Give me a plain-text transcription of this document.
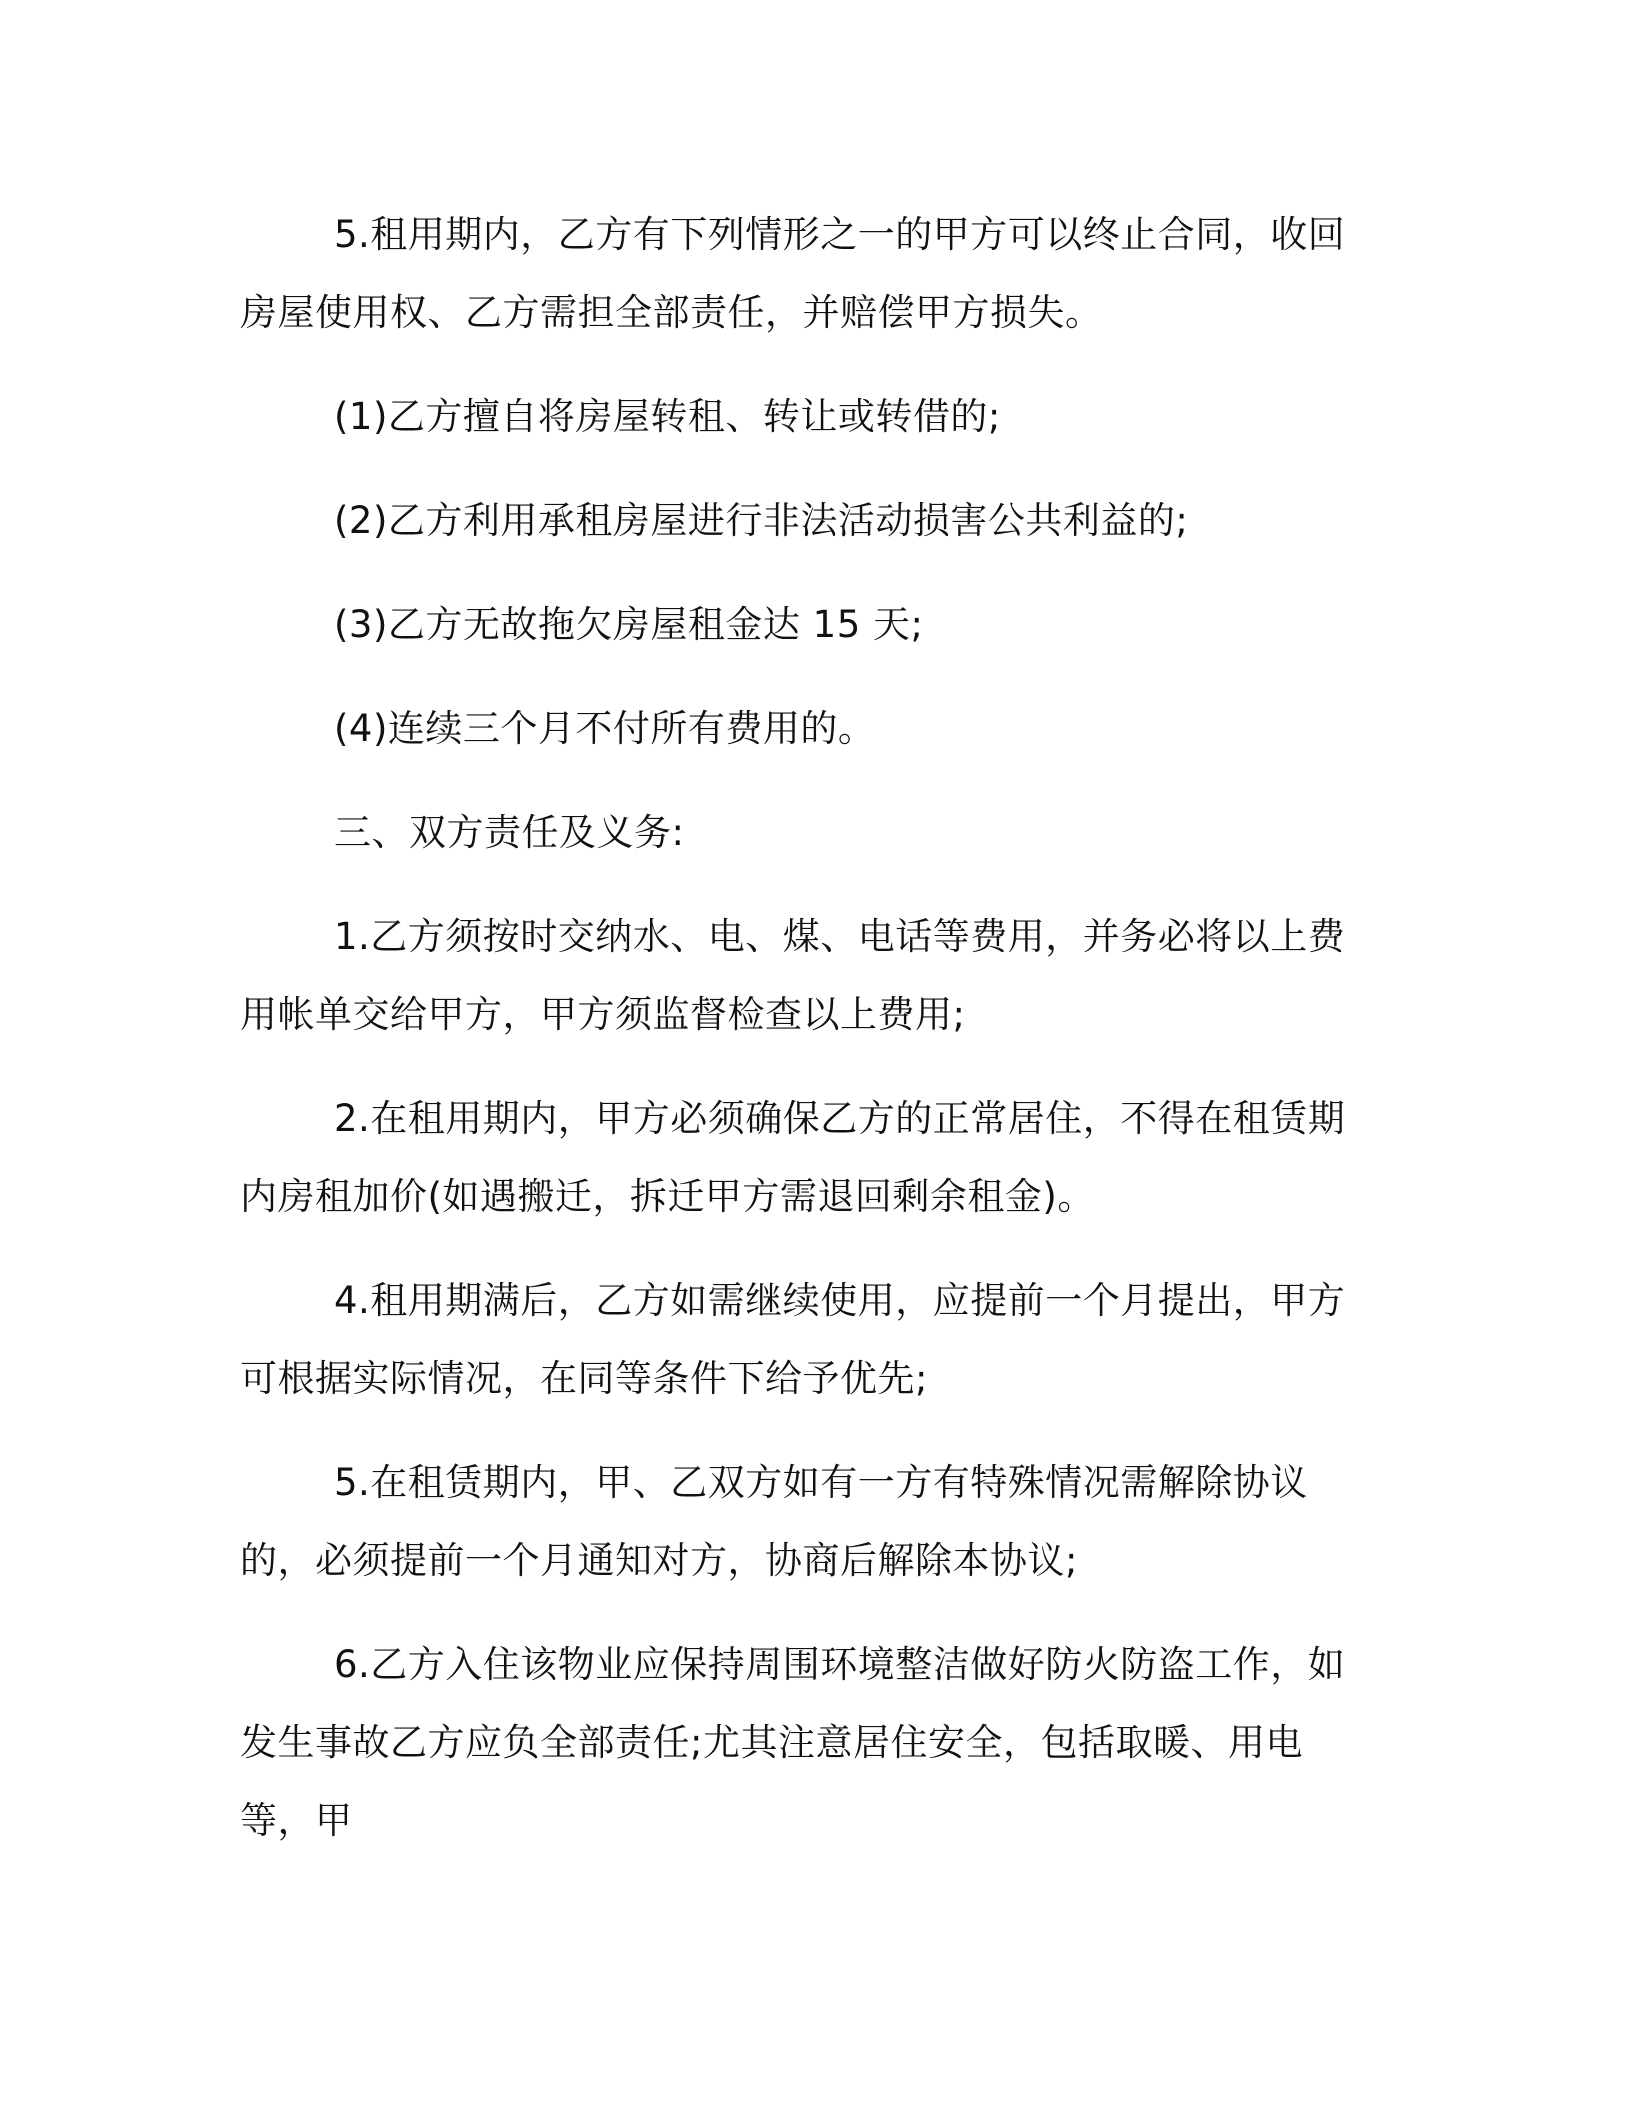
5.租用期内，乙方有下列情形之一的甲方可以终止合同，收回房屋使用权、乙方需担全部责任，并赔偿甲方损失。

(1)乙方擅自将房屋转租、转让或转借的;

(2)乙方利用承租房屋进行非法活动损害公共利益的;

(3)乙方无故拖欠房屋租金达 15 天;

(4)连续三个月不付所有费用的。

三、双方责任及义务:

1.乙方须按时交纳水、电、煤、电话等费用，并务必将以上费用帐单交给甲方，甲方须监督检查以上费用;

2.在租用期内，甲方必须确保乙方的正常居住，不得在租赁期内房租加价(如遇搬迁，拆迁甲方需退回剩余租金)。

4.租用期满后，乙方如需继续使用，应提前一个月提出，甲方可根据实际情况，在同等条件下给予优先;

5.在租赁期内，甲、乙双方如有一方有特殊情况需解除协议的，必须提前一个月通知对方，协商后解除本协议;

6.乙方入住该物业应保持周围环境整洁做好防火防盗工作，如发生事故乙方应负全部责任;尤其注意居住安全，包括取暖、用电等，甲
